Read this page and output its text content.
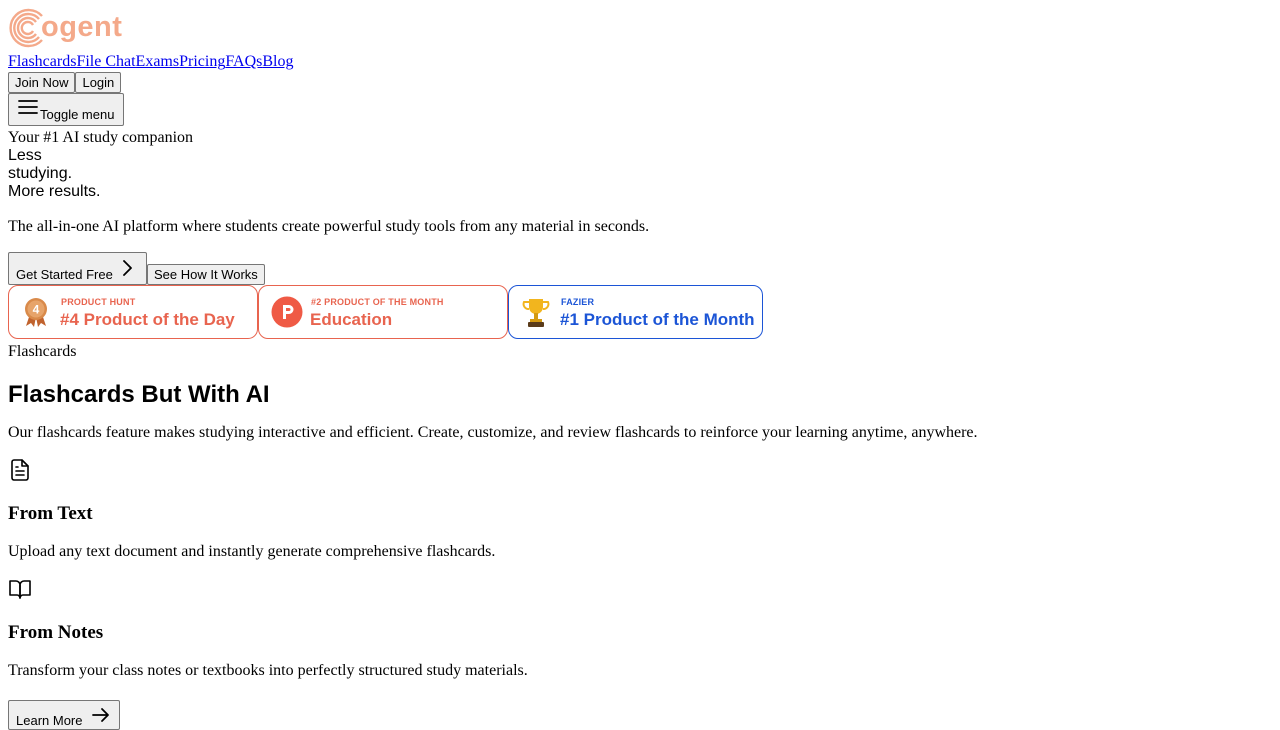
ogent
FlashcardsFile ChatExamsPricingFAQsBlog
Join Now Login
Toggle menu
Your #1 AI study companion
Less
studying.
More results.

The all-in-one AI platform where students create powerful study tools from any material in seconds.

Get Started Free	See How It Works
4
PRODUCT HUNT
#4 Product of the Day
#2 PRODUCT OF THE MONTH
Education
FAZIER
#1 Product of the Month
Flashcards
Flashcards But With AI

Our flashcards feature makes studying interactive and efficient. Create, customize, and review flashcards to reinforce your learning anytime, anywhere.

From Text

Upload any text document and instantly generate comprehensive flashcards.

From Notes

Transform your class notes or textbooks into perfectly structured study materials.

Learn More
